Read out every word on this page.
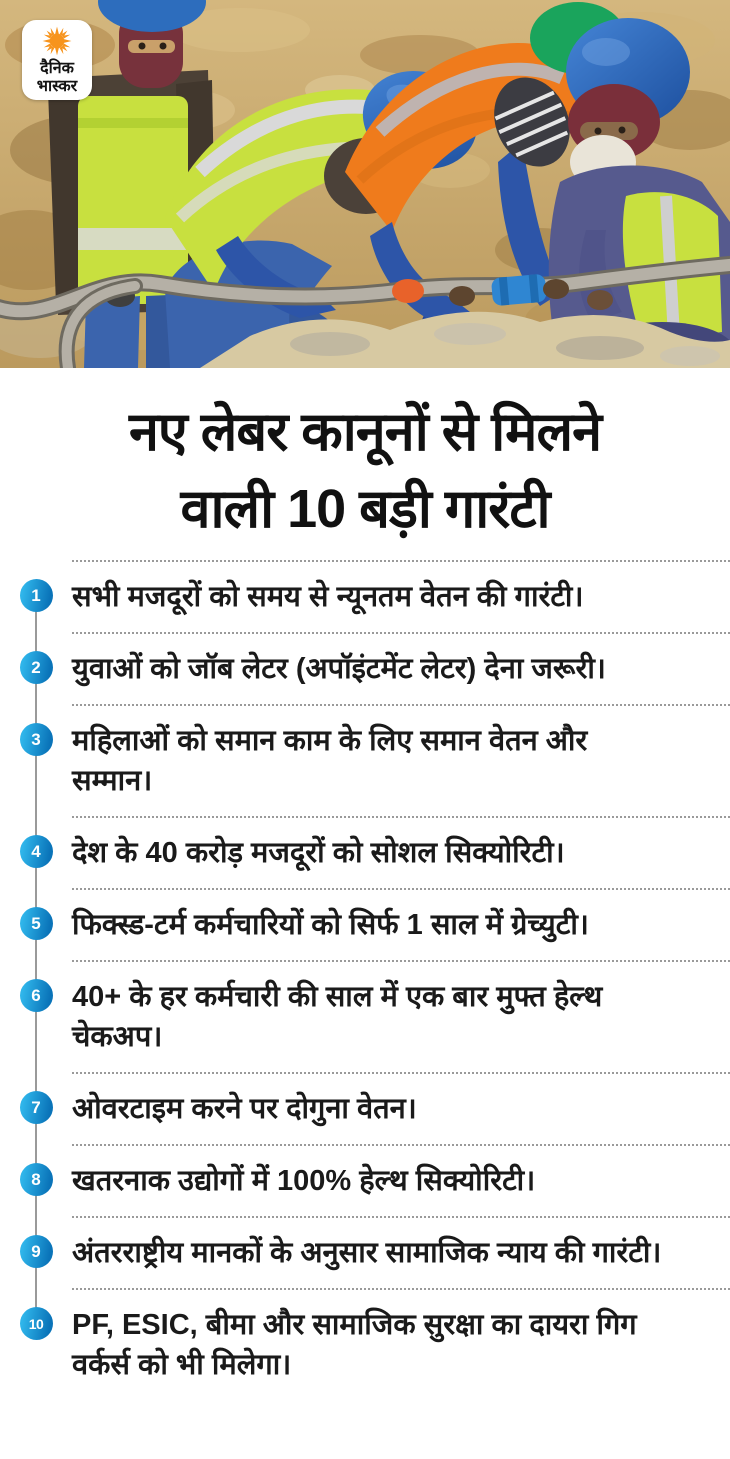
दैनिक
भास्कर
नए लेबर कानूनों से मिलने
वाली 10 बड़ी गारंटी
1	सभी मजदूरों को समय से न्यूनतम वेतन की गारंटी।

2	युवाओं को जॉब लेटर (अपॉइंटमेंट लेटर) देना जरूरी।

3	महिलाओं को समान काम के लिए समान वेतन और सम्मान।

4	देश के 40 करोड़ मजदूरों को सोशल सिक्योरिटी।

5	फिक्स्ड-टर्म कर्मचारियों को सिर्फ 1 साल में ग्रेच्युटी।

6	40+ के हर कर्मचारी की साल में एक बार मुफ्त हेल्थ चेकअप।

7	ओवरटाइम करने पर दोगुना वेतन।

8	खतरनाक उद्योगों में 100% हेल्थ सिक्योरिटी।

9	अंतरराष्ट्रीय मानकों के अनुसार सामाजिक न्याय की गारंटी।

10 PF, ESIC, बीमा और सामाजिक सुरक्षा का दायरा गिग वर्कर्स को भी मिलेगा।
